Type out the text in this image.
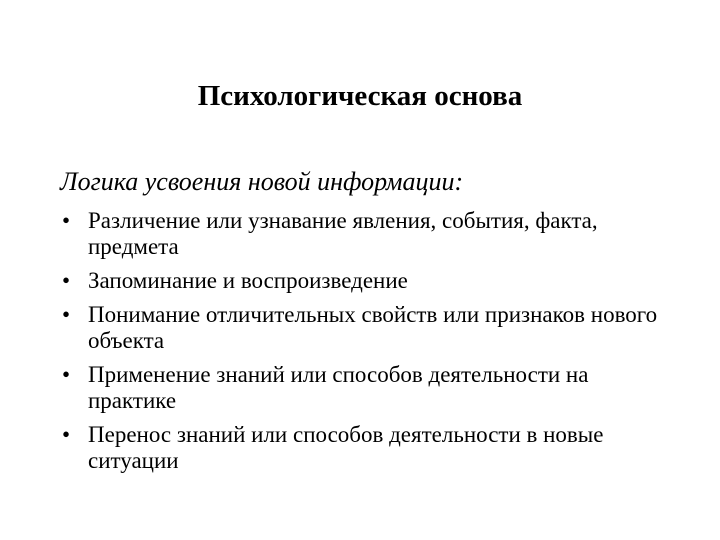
Психологическая основа
Логика усвоения новой информации:
• Различение или узнавание явления, события, факта, предмета
• Запоминание и воспроизведение
• Понимание отличительных свойств или признаков нового объекта
• Применение знаний или способов деятельности на практике
• Перенос знаний или способов деятельности в новые ситуации
